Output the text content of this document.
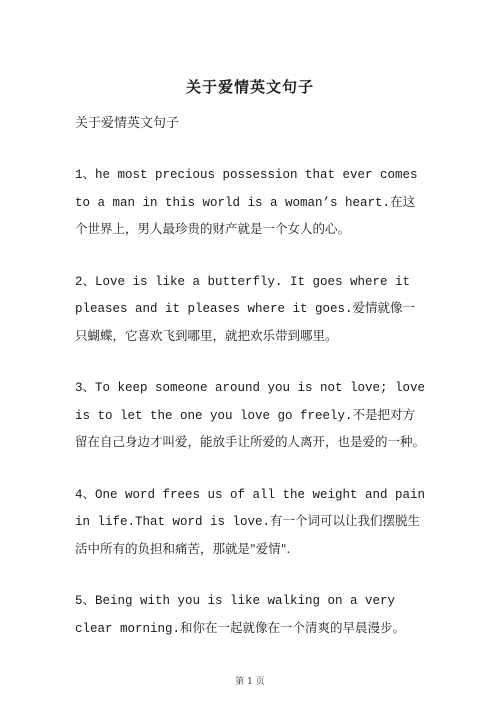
关于爱情英文句子
关于爱情英文句子

1、he most precious possession that ever comes to a man in this world is a woman’s heart.在这个世界上，男人最珍贵的财产就是一个女人的心。

2、Love is like a butterfly. It goes where it pleases and it pleases where it goes.爱情就像一只蝴蝶，它喜欢飞到哪里，就把欢乐带到哪里。

3、To keep someone around you is not love; love is to let the one you love go freely.不是把对方留在自己身边才叫爱，能放手让所爱的人离开，也是爱的一种。

4、One word frees us of all the weight and pain in life.That word is love.有一个词可以让我们摆脱生活中所有的负担和痛苦，那就是"爱情".

5、Being with you is like walking on a very clear morning.和你在一起就像在一个清爽的早晨漫步。

第 1 页
